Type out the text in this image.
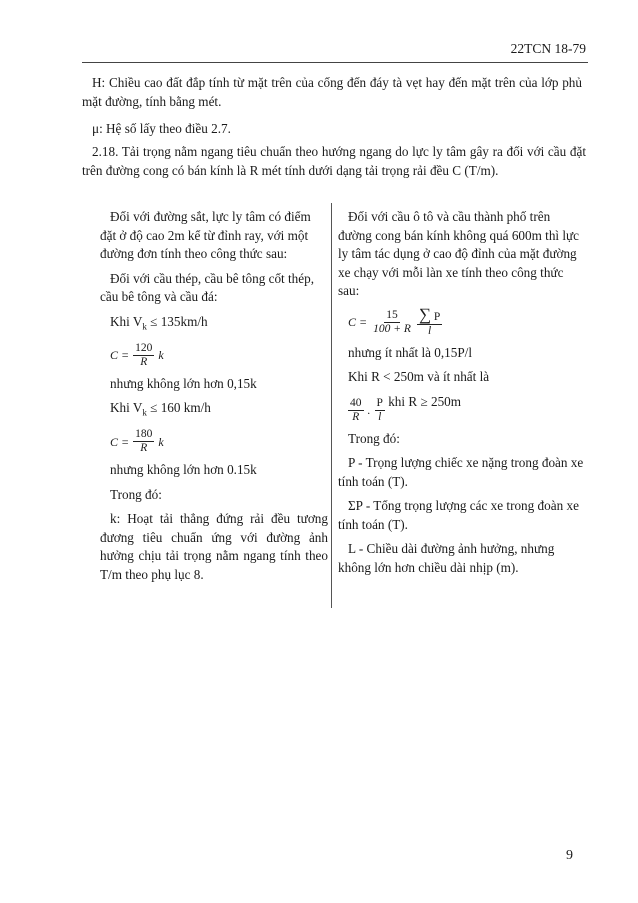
22TCN 18-79
H: Chiều cao đất đắp tính từ mặt trên của cống đến đáy tà vẹt hay đến mặt trên của lớp phủ mặt đường, tính bằng mét.
μ: Hệ số lấy theo điều 2.7.
2.18. Tải trọng nằm ngang tiêu chuẩn theo hướng ngang do lực ly tâm gây ra đối với cầu đặt trên đường cong có bán kính là R mét tính dưới dạng tải trọng rải đều C (T/m).

Đối với đường sắt, lực ly tâm có điểm đặt ở độ cao 2m kể từ đỉnh ray, với một đường đơn tính theo công thức sau:

Đối với cầu thép, cầu bê tông cốt thép, cầu bê tông và cầu đá:

Khi $V_k \le 135km/h$

$C = \frac{120}{R}$ k

nhưng không lớn hơn 0,15k

Khi $V_k \le 160$ km/h

$C = \frac{180}{R}$ k

nhưng không lớn hơn 0.15k

Trong đó:

k: Hoạt tải thẳng đứng rải đều tương đương tiêu chuẩn ứng với đường ảnh hưởng chịu tải trọng nằm ngang tính theo T/m theo phụ lục 8.

Đối với cầu ô tô và cầu thành phố trên đường cong bán kính không quá 600m thì lực ly tâm tác dụng ở cao độ đỉnh của mặt đường xe chạy với mỗi làn xe tính theo công thức sau:

$C = \frac{15}{100 + R} \frac{\sum P}{l}$

nhưng ít nhất là 0,15P/l

Khi R < 250m và ít nhất là

$\frac{40}{R}$ . $\frac{P}{l}$ khi R ≥ 250m

Trong đó:

P - Trọng lượng chiếc xe nặng trong đoàn xe tính toán (T).

ΣP - Tổng trọng lượng các xe trong đoàn xe tính toán (T).

L - Chiều dài đường ảnh hưởng, nhưng không lớn hơn chiều dài nhịp (m).

9
